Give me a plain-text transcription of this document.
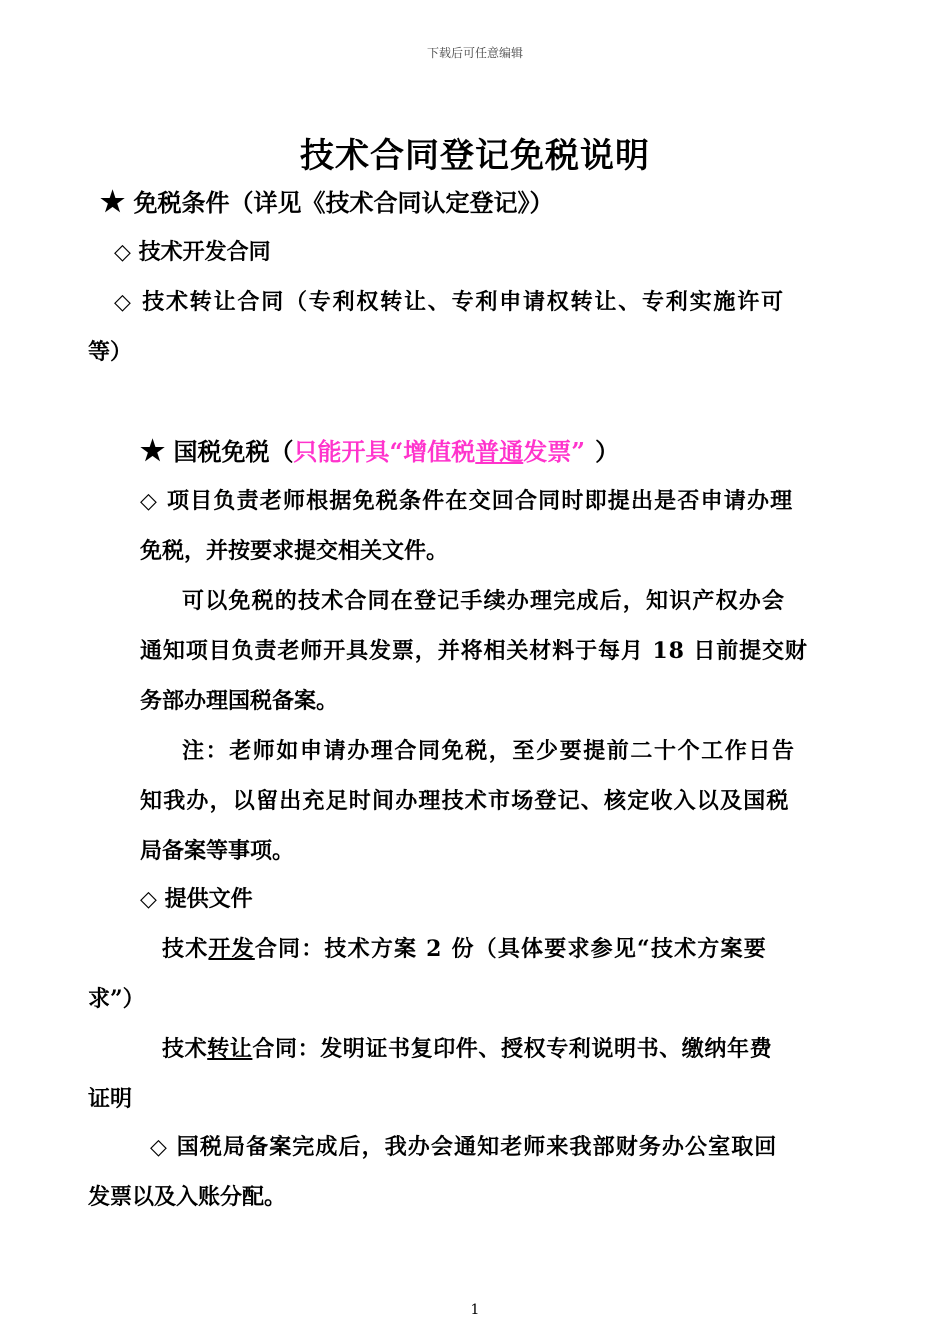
下载后可任意编辑
技术合同登记免税说明
★ 免税条件（详见《技术合同认定登记》）
◇ 技术开发合同
◇ 技术转让合同（专利权转让、专利申请权转让、专利实施许可
等）
★ 国税免税（只能开具“增值税普通发票” ）
◇ 项目负责老师根据免税条件在交回合同时即提出是否申请办理
免税，并按要求提交相关文件。
可以免税的技术合同在登记手续办理完成后，知识产权办会
通知项目负责老师开具发票，并将相关材料于每月 18 日前提交财
务部办理国税备案。
注：老师如申请办理合同免税，至少要提前二十个工作日告
知我办，以留出充足时间办理技术市场登记、核定收入以及国税
局备案等事项。
◇ 提供文件
技术开发合同：技术方案 2 份（具体要求参见“技术方案要
求”）
技术转让合同：发明证书复印件、授权专利说明书、缴纳年费
证明
◇ 国税局备案完成后，我办会通知老师来我部财务办公室取回
发票以及入账分配。
1
